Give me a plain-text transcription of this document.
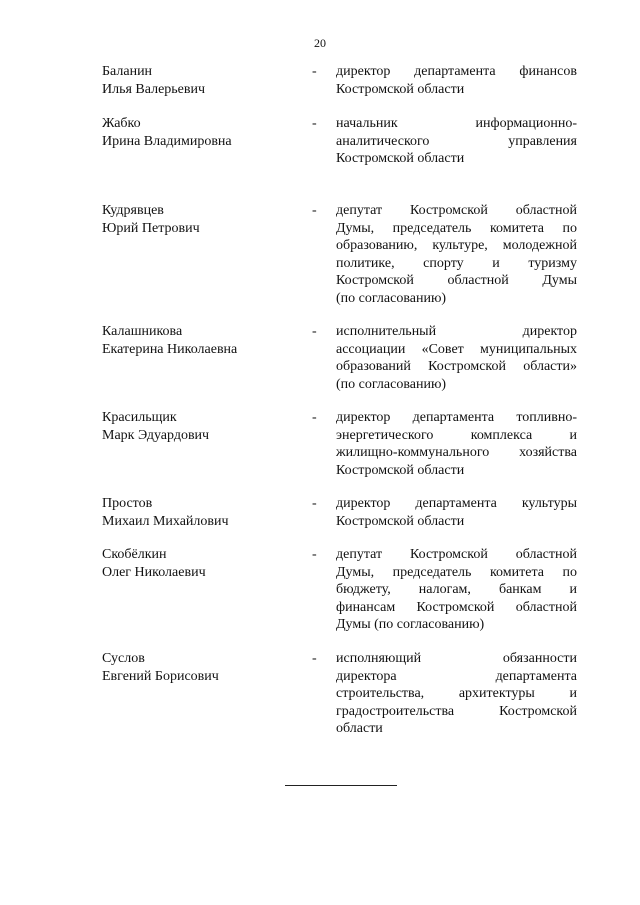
20
Баланин
Илья Валерьевич
- директор департамента финансов
Костромской области
Жабко
Ирина Владимировна
- начальник информационно-
аналитического управления
Костромской области
Кудрявцев
Юрий Петрович
- депутат Костромской областной
Думы, председатель комитета по
образованию, культуре, молодежной
политике, спорту и туризму
Костромской областной Думы
(по согласованию)
Калашникова
Екатерина Николаевна
- исполнительный директор
ассоциации «Совет муниципальных
образований Костромской области»
(по согласованию)
Красильщик
Марк Эдуардович
- директор департамента топливно-
энергетического комплекса и
жилищно-коммунального хозяйства
Костромской области
Простов
Михаил Михайлович
- директор департамента культуры
Костромской области
Скобёлкин
Олег Николаевич
- депутат Костромской областной
Думы, председатель комитета по
бюджету, налогам, банкам и
финансам Костромской областной
Думы (по согласованию)
Суслов
Евгений Борисович
- исполняющий обязанности
директора департамента
строительства, архитектуры и
градостроительства Костромской
области
